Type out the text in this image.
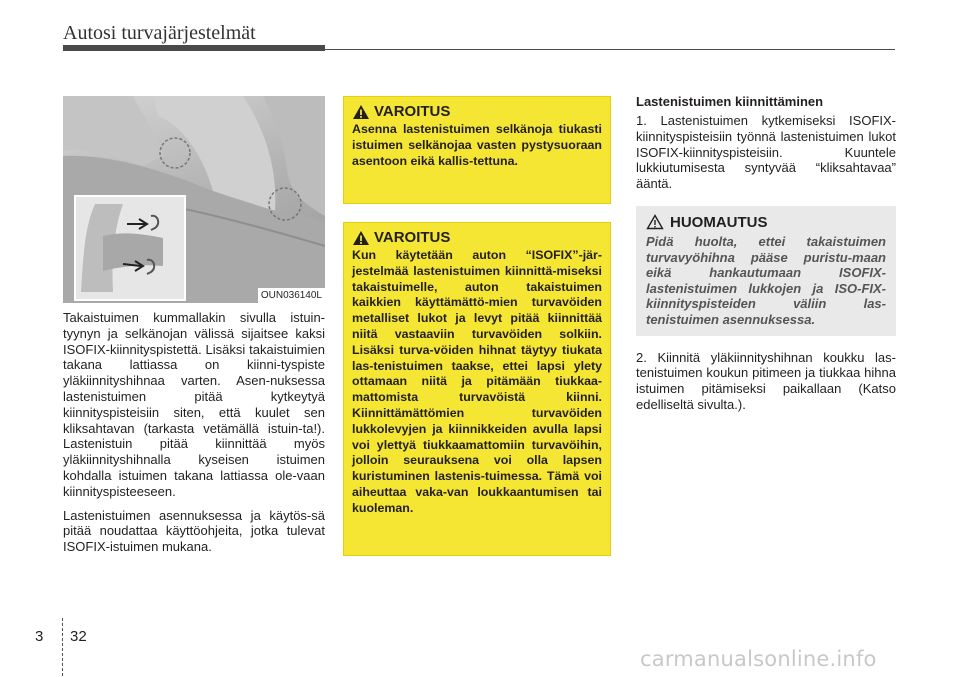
Autosi turvajärjestelmät
OUN036140L

Takaistuimen kummallakin sivulla istuin-tyynyn ja selkänojan välissä sijaitsee kaksi ISOFIX-kiinnityspistettä. Lisäksi takaistuimien takana lattiassa on kiinni-tyspiste yläkiinnityshihnaa varten. Asen-nuksessa lastenistuimen pitää kytkeytyä kiinnityspisteisiin siten, että kuulet sen kliksahtavan (tarkasta vetämällä istuin-ta!). Lastenistuin pitää kiinnittää myös yläkiinnityshihnalla kyseisen istuimen kohdalla istuimen takana lattiassa ole-vaan kiinnityspisteeseen.

Lastenistuimen asennuksessa ja käytös-sä pitää noudattaa käyttöohjeita, jotka tulevat ISOFIX-istuimen mukana.

VAROITUS

Asenna lastenistuimen selkänoja tiukasti istuimen selkänojaa vasten pystysuoraan asentoon eikä kallis-tettuna.

VAROITUS

Kun käytetään auton “ISOFIX”-jär-jestelmää lastenistuimen kiinnittä-miseksi takaistuimelle, auton takaistuimen kaikkien käyttämättö-mien turvavöiden metalliset lukot ja levyt pitää kiinnittää niitä vastaaviin turvavöiden solkiin. Lisäksi turva-vöiden hihnat täytyy tiukata las-tenistuimen taakse, ettei lapsi ylety ottamaan niitä ja pitämään tiukkaa-mattomista turvavöistä kiinni. Kiinnittämättömien turvavöiden lukkolevyjen ja kiinnikkeiden avulla lapsi voi ylettyä tiukkaamattomiin turvavöihin, jolloin seurauksena voi olla lapsen kuristuminen lastenis-tuimessa. Tämä voi aiheuttaa vaka-van loukkaantumisen tai kuoleman.

Lastenistuimen kiinnittäminen

1. Lastenistuimen kytkemiseksi ISOFIX-kiinnityspisteisiin työnnä lastenistuimen lukot ISOFIX-kiinnityspisteisiin. Kuuntele lukkiutumisesta syntyvää “kliksahtavaa” ääntä.

HUOMAUTUS

Pidä huolta, ettei takaistuimen turvavyöhihna pääse puristu-maan eikä hankautumaan ISOFIX-lastenistuimen lukkojen ja ISO-FIX-kiinnityspisteiden väliin las-tenistuimen asennuksessa.

2. Kiinnitä yläkiinnityshihnan koukku las-tenistuimen koukun pitimeen ja tiukkaa hihna istuimen pitämiseksi paikallaan (Katso edelliseltä sivulta.).

3 32
carmanualsonline.info
